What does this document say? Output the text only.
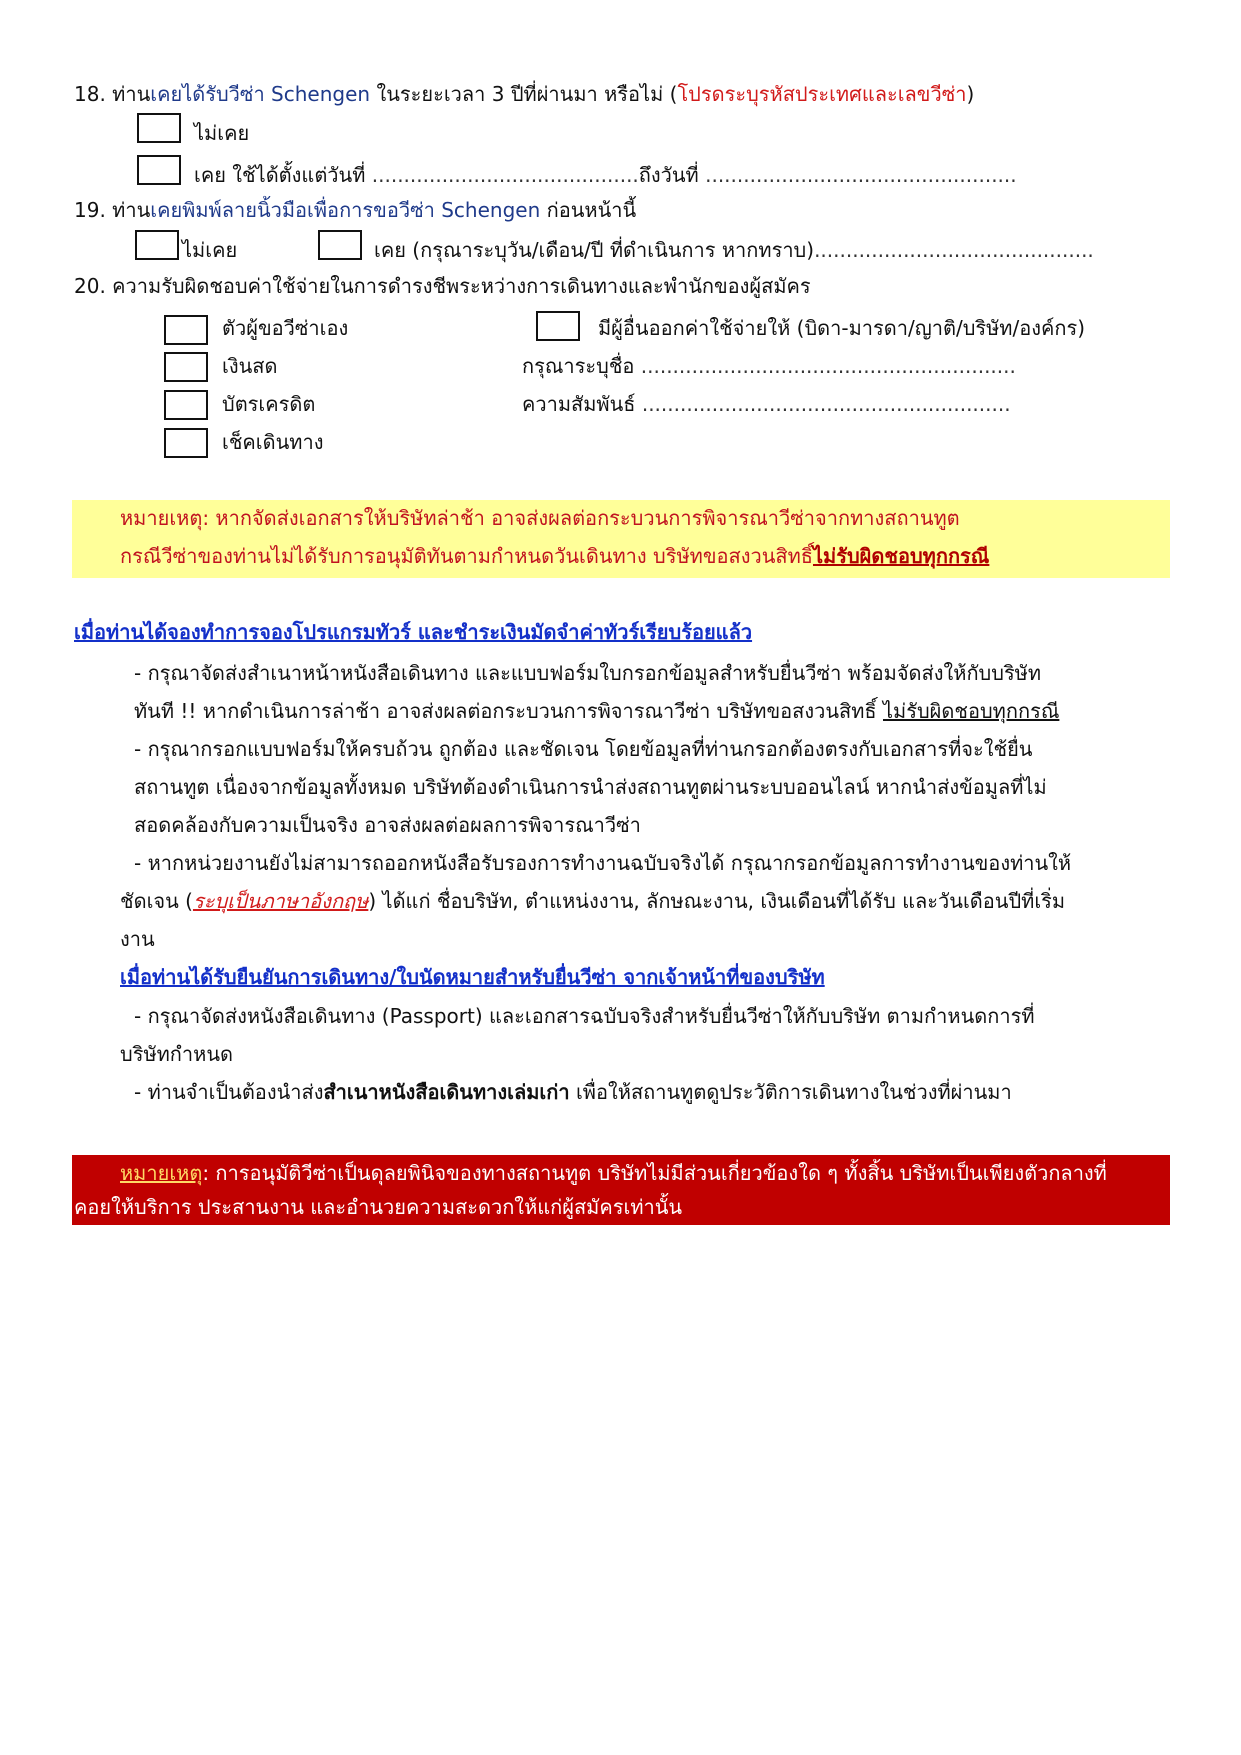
18. ท่านเคยได้รับวีซ่า Schengen ในระยะเวลา 3 ปีที่ผ่านมา หรือไม่ (โปรดระบุรหัสประเทศและเลขวีซ่า)
ไม่เคย
เคย ใช้ได้ตั้งแต่วันที่ ..........................................ถึงวันที่ .................................................
19. ท่านเคยพิมพ์ลายนิ้วมือเพื่อการขอวีซ่า Schengen ก่อนหน้านี้
ไม่เคย	เคย (กรุณาระบุวัน/เดือน/ปี ที่ดำเนินการ หากทราบ)............................................
20. ความรับผิดชอบค่าใช้จ่ายในการดำรงชีพระหว่างการเดินทางและพำนักของผู้สมัคร
ตัวผู้ขอวีซ่าเอง	มีผู้อื่นออกค่าใช้จ่ายให้ (บิดา-มารดา/ญาติ/บริษัท/องค์กร)
เงินสด	กรุณาระบุชื่อ ...........................................................
บัตรเครดิต	ความสัมพันธ์ ..........................................................
เช็คเดินทาง
หมายเหตุ: หากจัดส่งเอกสารให้บริษัทล่าช้า อาจส่งผลต่อกระบวนการพิจารณาวีซ่าจากทางสถานทูต
กรณีวีซ่าของท่านไม่ได้รับการอนุมัติทันตามกำหนดวันเดินทาง บริษัทขอสงวนสิทธิ์ไม่รับผิดชอบทุกกรณี
เมื่อท่านได้จองทำการจองโปรแกรมทัวร์ และชำระเงินมัดจำค่าทัวร์เรียบร้อยแล้ว
- กรุณาจัดส่งสำเนาหน้าหนังสือเดินทาง และแบบฟอร์มใบกรอกข้อมูลสำหรับยื่นวีซ่า พร้อมจัดส่งให้กับบริษัท
ทันที !! หากดำเนินการล่าช้า อาจส่งผลต่อกระบวนการพิจารณาวีซ่า บริษัทขอสงวนสิทธิ์ ไม่รับผิดชอบทุกกรณี
- กรุณากรอกแบบฟอร์มให้ครบถ้วน ถูกต้อง และชัดเจน โดยข้อมูลที่ท่านกรอกต้องตรงกับเอกสารที่จะใช้ยื่น
สถานทูต เนื่องจากข้อมูลทั้งหมด บริษัทต้องดำเนินการนำส่งสถานทูตผ่านระบบออนไลน์ หากนำส่งข้อมูลที่ไม่
สอดคล้องกับความเป็นจริง อาจส่งผลต่อผลการพิจารณาวีซ่า
- หากหน่วยงานยังไม่สามารถออกหนังสือรับรองการทำงานฉบับจริงได้ กรุณากรอกข้อมูลการทำงานของท่านให้
ชัดเจน (ระบุเป็นภาษาอังกฤษ) ได้แก่ ชื่อบริษัท, ตำแหน่งงาน, ลักษณะงาน, เงินเดือนที่ได้รับ และวันเดือนปีที่เริ่ม
งาน
เมื่อท่านได้รับยืนยันการเดินทาง/ใบนัดหมายสำหรับยื่นวีซ่า จากเจ้าหน้าที่ของบริษัท
- กรุณาจัดส่งหนังสือเดินทาง (Passport) และเอกสารฉบับจริงสำหรับยื่นวีซ่าให้กับบริษัท ตามกำหนดการที่
บริษัทกำหนด
- ท่านจำเป็นต้องนำส่งสำเนาหนังสือเดินทางเล่มเก่า เพื่อให้สถานทูตดูประวัติการเดินทางในช่วงที่ผ่านมา
หมายเหตุ: การอนุมัติวีซ่าเป็นดุลยพินิจของทางสถานทูต บริษัทไม่มีส่วนเกี่ยวข้องใด ๆ ทั้งสิ้น บริษัทเป็นเพียงตัวกลางที่
คอยให้บริการ ประสานงาน และอำนวยความสะดวกให้แก่ผู้สมัครเท่านั้น
